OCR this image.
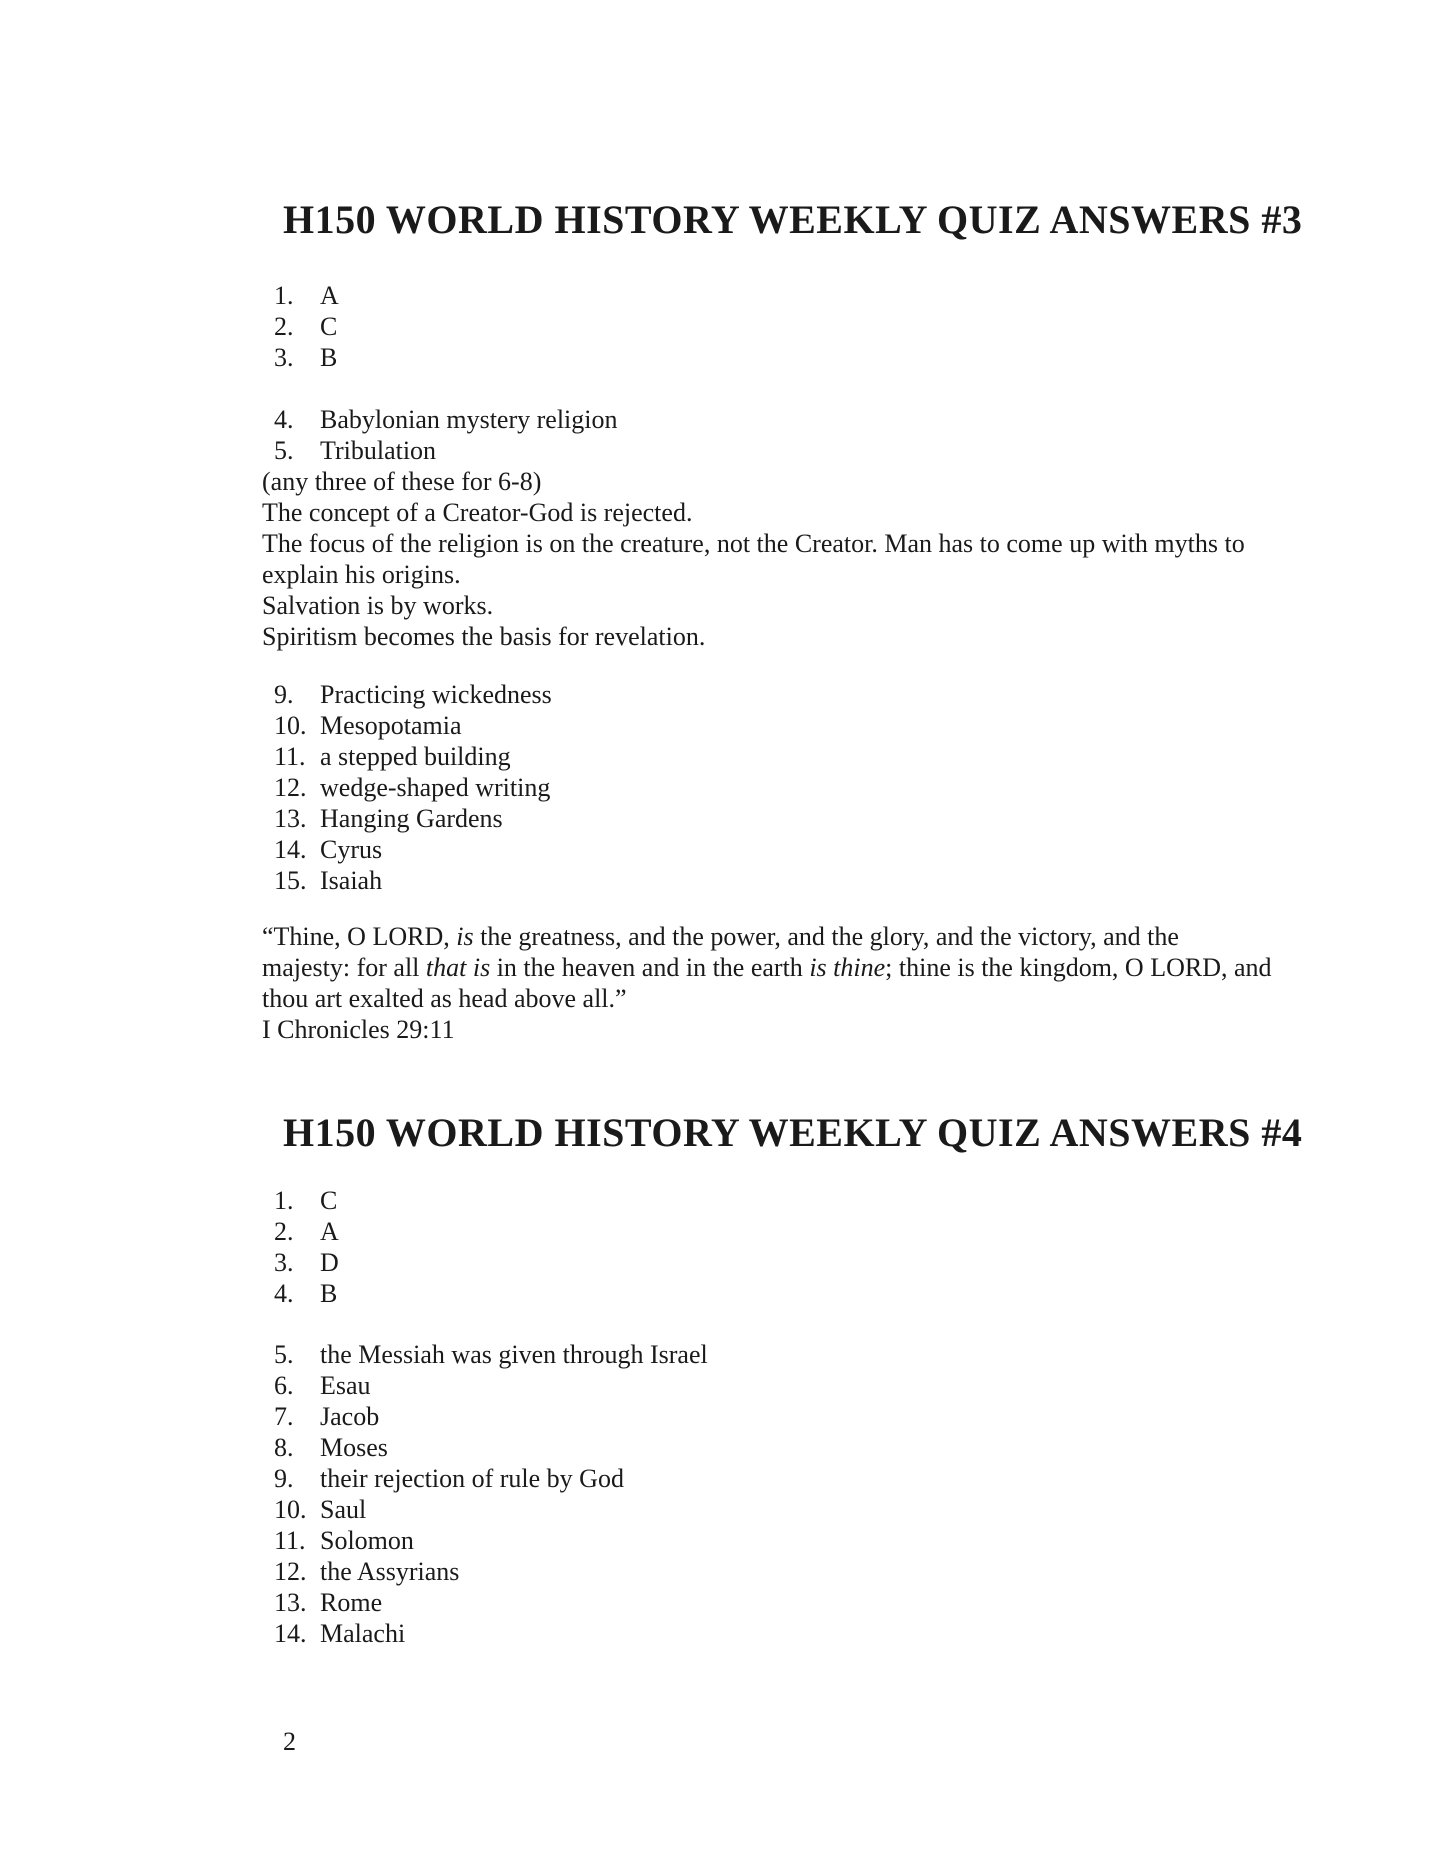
H150 WORLD HISTORY WEEKLY QUIZ ANSWERS #3
1. A
2. C
3. B
4. Babylonian mystery religion
5. Tribulation
(any three of these for 6-8)
The concept of a Creator-God is rejected.
The focus of the religion is on the creature, not the Creator. Man has to come up with myths to
explain his origins.
Salvation is by works.
Spiritism becomes the basis for revelation.
9. Practicing wickedness
10. Mesopotamia
11. a stepped building
12. wedge-shaped writing
13. Hanging Gardens
14. Cyrus
15. Isaiah
“Thine, O LORD, is the greatness, and the power, and the glory, and the victory, and the
majesty: for all that is in the heaven and in the earth is thine; thine is the kingdom, O LORD, and
thou art exalted as head above all.”
I Chronicles 29:11
H150 WORLD HISTORY WEEKLY QUIZ ANSWERS #4
1. C
2. A
3. D
4. B
5. the Messiah was given through Israel
6. Esau
7. Jacob
8. Moses
9. their rejection of rule by God
10. Saul
11. Solomon
12. the Assyrians
13. Rome
14. Malachi
2
